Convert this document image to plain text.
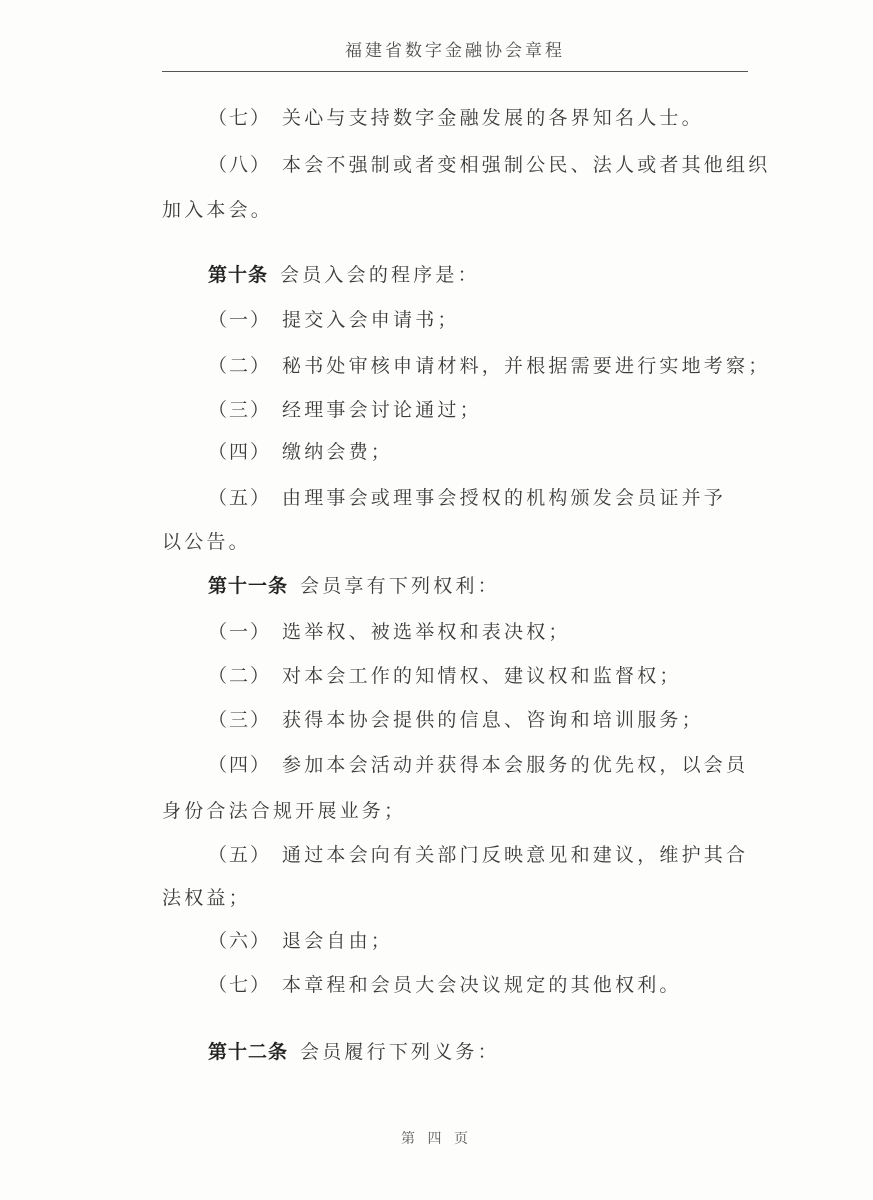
福建省数字金融协会章程
（七） 关心与支持数字金融发展的各界知名人士。
（八） 本会不强制或者变相强制公民、法人或者其他组织
加入本会。
第十条 会员入会的程序是：
（一） 提交入会申请书；
（二） 秘书处审核申请材料，并根据需要进行实地考察；
（三） 经理事会讨论通过；
（四） 缴纳会费；
（五） 由理事会或理事会授权的机构颁发会员证并予
以公告。
第十一条 会员享有下列权利：
（一） 选举权、被选举权和表决权；
（二） 对本会工作的知情权、建议权和监督权；
（三） 获得本协会提供的信息、咨询和培训服务；
（四） 参加本会活动并获得本会服务的优先权，以会员
身份合法合规开展业务；
（五） 通过本会向有关部门反映意见和建议，维护其合
法权益；
（六） 退会自由；
（七） 本章程和会员大会决议规定的其他权利。
第十二条 会员履行下列义务：
第 四 页
